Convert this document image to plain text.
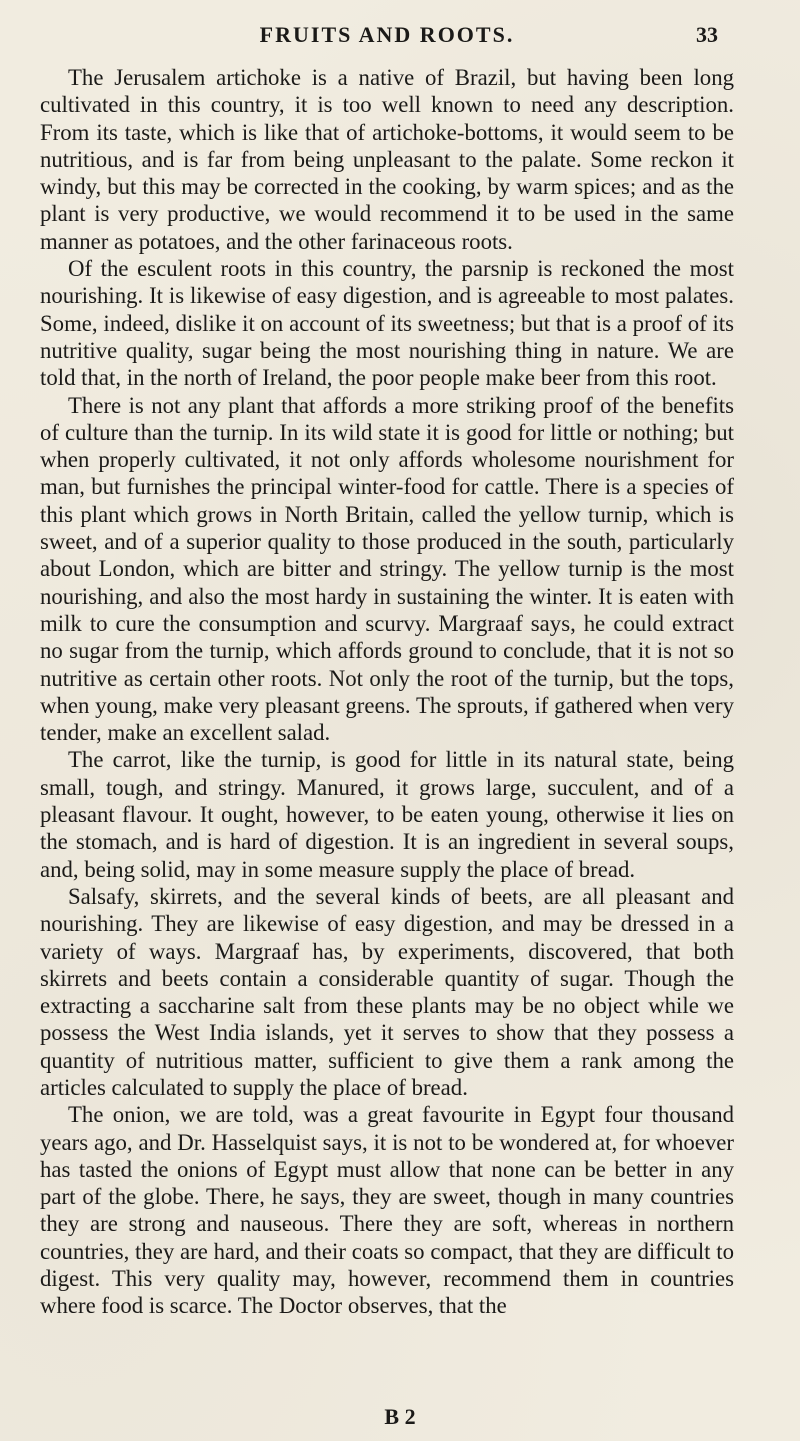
FRUITS AND ROOTS.	33

The Jerusalem artichoke is a native of Brazil, but having been long cultivated in this country, it is too well known to need any description. From its taste, which is like that of artichoke-bottoms, it would seem to be nutritious, and is far from being unpleasant to the palate. Some reckon it windy, but this may be corrected in the cooking, by warm spices; and as the plant is very productive, we would recommend it to be used in the same manner as potatoes, and the other farinaceous roots.

Of the esculent roots in this country, the parsnip is reckoned the most nourishing. It is likewise of easy digestion, and is agreeable to most palates. Some, indeed, dislike it on account of its sweetness; but that is a proof of its nutritive quality, sugar being the most nourishing thing in nature. We are told that, in the north of Ireland, the poor people make beer from this root.

There is not any plant that affords a more striking proof of the benefits of culture than the turnip. In its wild state it is good for little or nothing; but when properly cultivated, it not only affords wholesome nourishment for man, but furnishes the principal winter-food for cattle. There is a species of this plant which grows in North Britain, called the yellow turnip, which is sweet, and of a superior quality to those produced in the south, particularly about London, which are bitter and stringy. The yellow turnip is the most nourishing, and also the most hardy in sustaining the winter. It is eaten with milk to cure the consumption and scurvy. Margraaf says, he could extract no sugar from the turnip, which affords ground to conclude, that it is not so nutritive as certain other roots. Not only the root of the turnip, but the tops, when young, make very pleasant greens. The sprouts, if gathered when very tender, make an excellent salad.

The carrot, like the turnip, is good for little in its natural state, being small, tough, and stringy. Manured, it grows large, succulent, and of a pleasant flavour. It ought, however, to be eaten young, otherwise it lies on the stomach, and is hard of digestion. It is an ingredient in several soups, and, being solid, may in some measure supply the place of bread.

Salsafy, skirrets, and the several kinds of beets, are all pleasant and nourishing. They are likewise of easy digestion, and may be dressed in a variety of ways. Margraaf has, by experiments, discovered, that both skirrets and beets contain a considerable quantity of sugar. Though the extracting a saccharine salt from these plants may be no object while we possess the West India islands, yet it serves to show that they possess a quantity of nutritious matter, sufficient to give them a rank among the articles calculated to supply the place of bread.

The onion, we are told, was a great favourite in Egypt four thousand years ago, and Dr. Hasselquist says, it is not to be wondered at, for whoever has tasted the onions of Egypt must allow that none can be better in any part of the globe. There, he says, they are sweet, though in many countries they are strong and nauseous. There they are soft, whereas in northern countries, they are hard, and their coats so compact, that they are difficult to digest. This very quality may, however, recommend them in countries where food is scarce. The Doctor observes, that the

B 2
